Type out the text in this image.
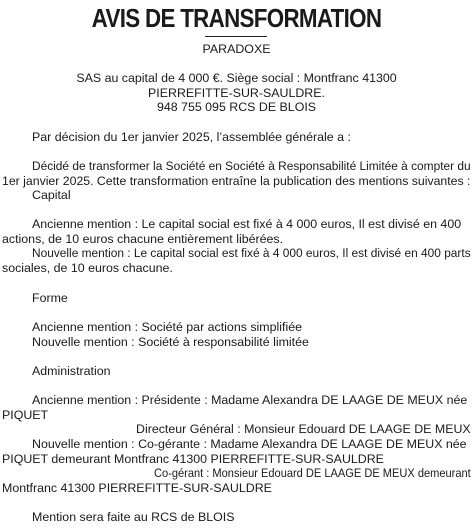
AVIS DE TRANSFORMATION
PARADOXE
SAS au capital de 4 000 €. Siège social : Montfranc 41300
PIERREFITTE-SUR-SAULDRE.
948 755 095 RCS DE BLOIS
Par décision du 1er janvier 2025, l’assemblée générale a :
Décidé de transformer la Société en Société à Responsabilité Limitée à compter du
1er janvier 2025. Cette transformation entraîne la publication des mentions suivantes :
Capital
Ancienne mention : Le capital social est fixé à 4 000 euros, Il est divisé en 400
actions, de 10 euros chacune entièrement libérées.
Nouvelle mention : Le capital social est fixé à 4 000 euros, Il est divisé en 400 parts
sociales, de 10 euros chacune.
Forme
Ancienne mention : Société par actions simplifiée
Nouvelle mention : Société à responsabilité limitée
Administration
Ancienne mention : Présidente : Madame Alexandra DE LAAGE DE MEUX née
PIQUET
Directeur Général : Monsieur Edouard DE LAAGE DE MEUX
Nouvelle mention : Co-gérante : Madame Alexandra DE LAAGE DE MEUX née
PIQUET demeurant Montfranc 41300 PIERREFITTE-SUR-SAULDRE
Co-gérant : Monsieur Edouard DE LAAGE DE MEUX demeurant
Montfranc 41300 PIERREFITTE-SUR-SAULDRE
Mention sera faite au RCS de BLOIS
